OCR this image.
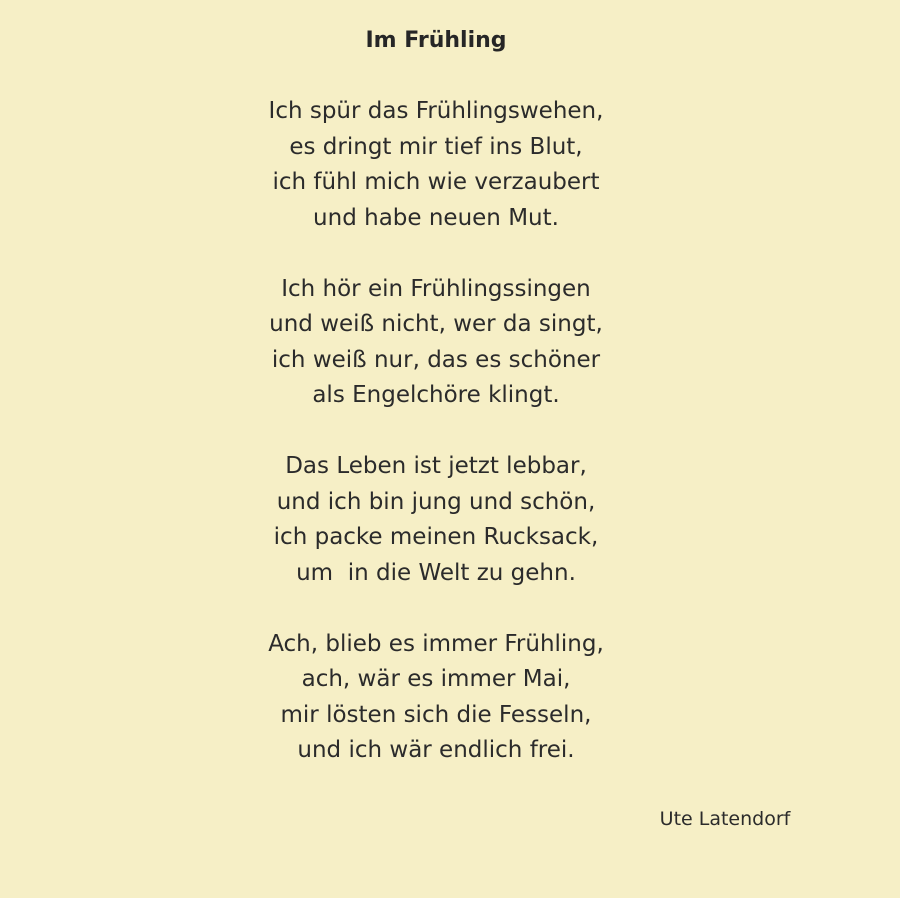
Im Frühling
Ich spür das Frühlingswehen,
es dringt mir tief ins Blut,
ich fühl mich wie verzaubert
und habe neuen Mut.
Ich hör ein Frühlingssingen
und weiß nicht, wer da singt,
ich weiß nur, das es schöner
als Engelchöre klingt.
Das Leben ist jetzt lebbar,
und ich bin jung und schön,
ich packe meinen Rucksack,
um  in die Welt zu gehn.
Ach, blieb es immer Frühling,
ach, wär es immer Mai,
mir lösten sich die Fesseln,
und ich wär endlich frei.
Ute Latendorf
